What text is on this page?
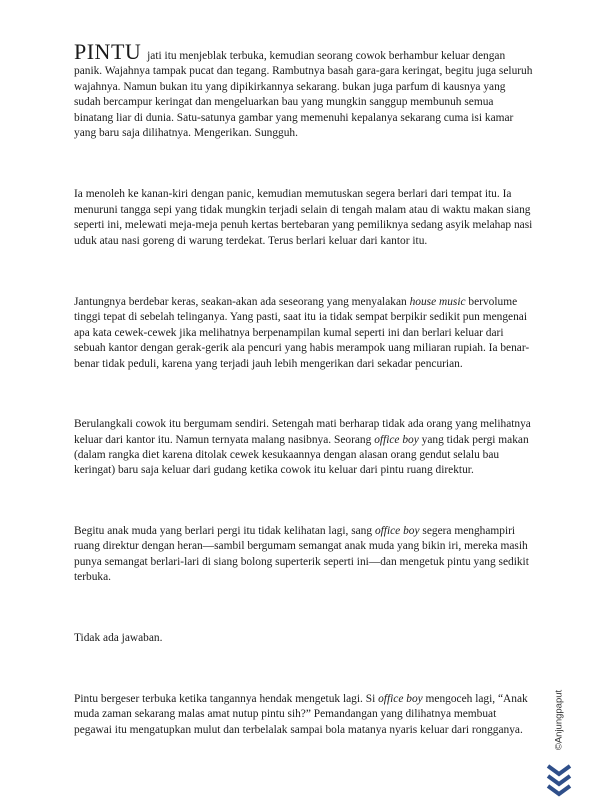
PINTU jati itu menjeblak terbuka, kemudian seorang cowok berhambur keluar dengan panik. Wajahnya tampak pucat dan tegang. Rambutnya basah gara-gara keringat, begitu juga seluruh wajahnya. Namun bukan itu yang dipikirkannya sekarang. bukan juga parfum di kausnya yang sudah bercampur keringat dan mengeluarkan bau yang mungkin sanggup membunuh semua binatang liar di dunia. Satu-satunya gambar yang memenuhi kepalanya sekarang cuma isi kamar yang baru saja dilihatnya. Mengerikan. Sungguh.

Ia menoleh ke kanan-kiri dengan panic, kemudian memutuskan segera berlari dari tempat itu. Ia menuruni tangga sepi yang tidak mungkin terjadi selain di tengah malam atau di waktu makan siang seperti ini, melewati meja-meja penuh kertas bertebaran yang pemiliknya sedang asyik melahap nasi uduk atau nasi goreng di warung terdekat. Terus berlari keluar dari kantor itu.

Jantungnya berdebar keras, seakan-akan ada seseorang yang menyalakan house music bervolume tinggi tepat di sebelah telinganya. Yang pasti, saat itu ia tidak sempat berpikir sedikit pun mengenai apa kata cewek-cewek jika melihatnya berpenampilan kumal seperti ini dan berlari keluar dari sebuah kantor dengan gerak-gerik ala pencuri yang habis merampok uang miliaran rupiah. Ia benar-benar tidak peduli, karena yang terjadi jauh lebih mengerikan dari sekadar pencurian.

Berulangkali cowok itu bergumam sendiri. Setengah mati berharap tidak ada orang yang melihatnya keluar dari kantor itu. Namun ternyata malang nasibnya. Seorang office boy yang tidak pergi makan (dalam rangka diet karena ditolak cewek kesukaannya dengan alasan orang gendut selalu bau keringat) baru saja keluar dari gudang ketika cowok itu keluar dari pintu ruang direktur.

Begitu anak muda yang berlari pergi itu tidak kelihatan lagi, sang office boy segera menghampiri ruang direktur dengan heran—sambil bergumam semangat anak muda yang bikin iri, mereka masih punya semangat berlari-lari di siang bolong superterik seperti ini—dan mengetuk pintu yang sedikit terbuka.

Tidak ada jawaban.

Pintu bergeser terbuka ketika tangannya hendak mengetuk lagi. Si office boy mengoceh lagi, “Anak muda zaman sekarang malas amat nutup pintu sih?” Pemandangan yang dilihatnya membuat pegawai itu mengatupkan mulut dan terbelalak sampai bola matanya nyaris keluar dari rongganya.	©Anjungpaput
